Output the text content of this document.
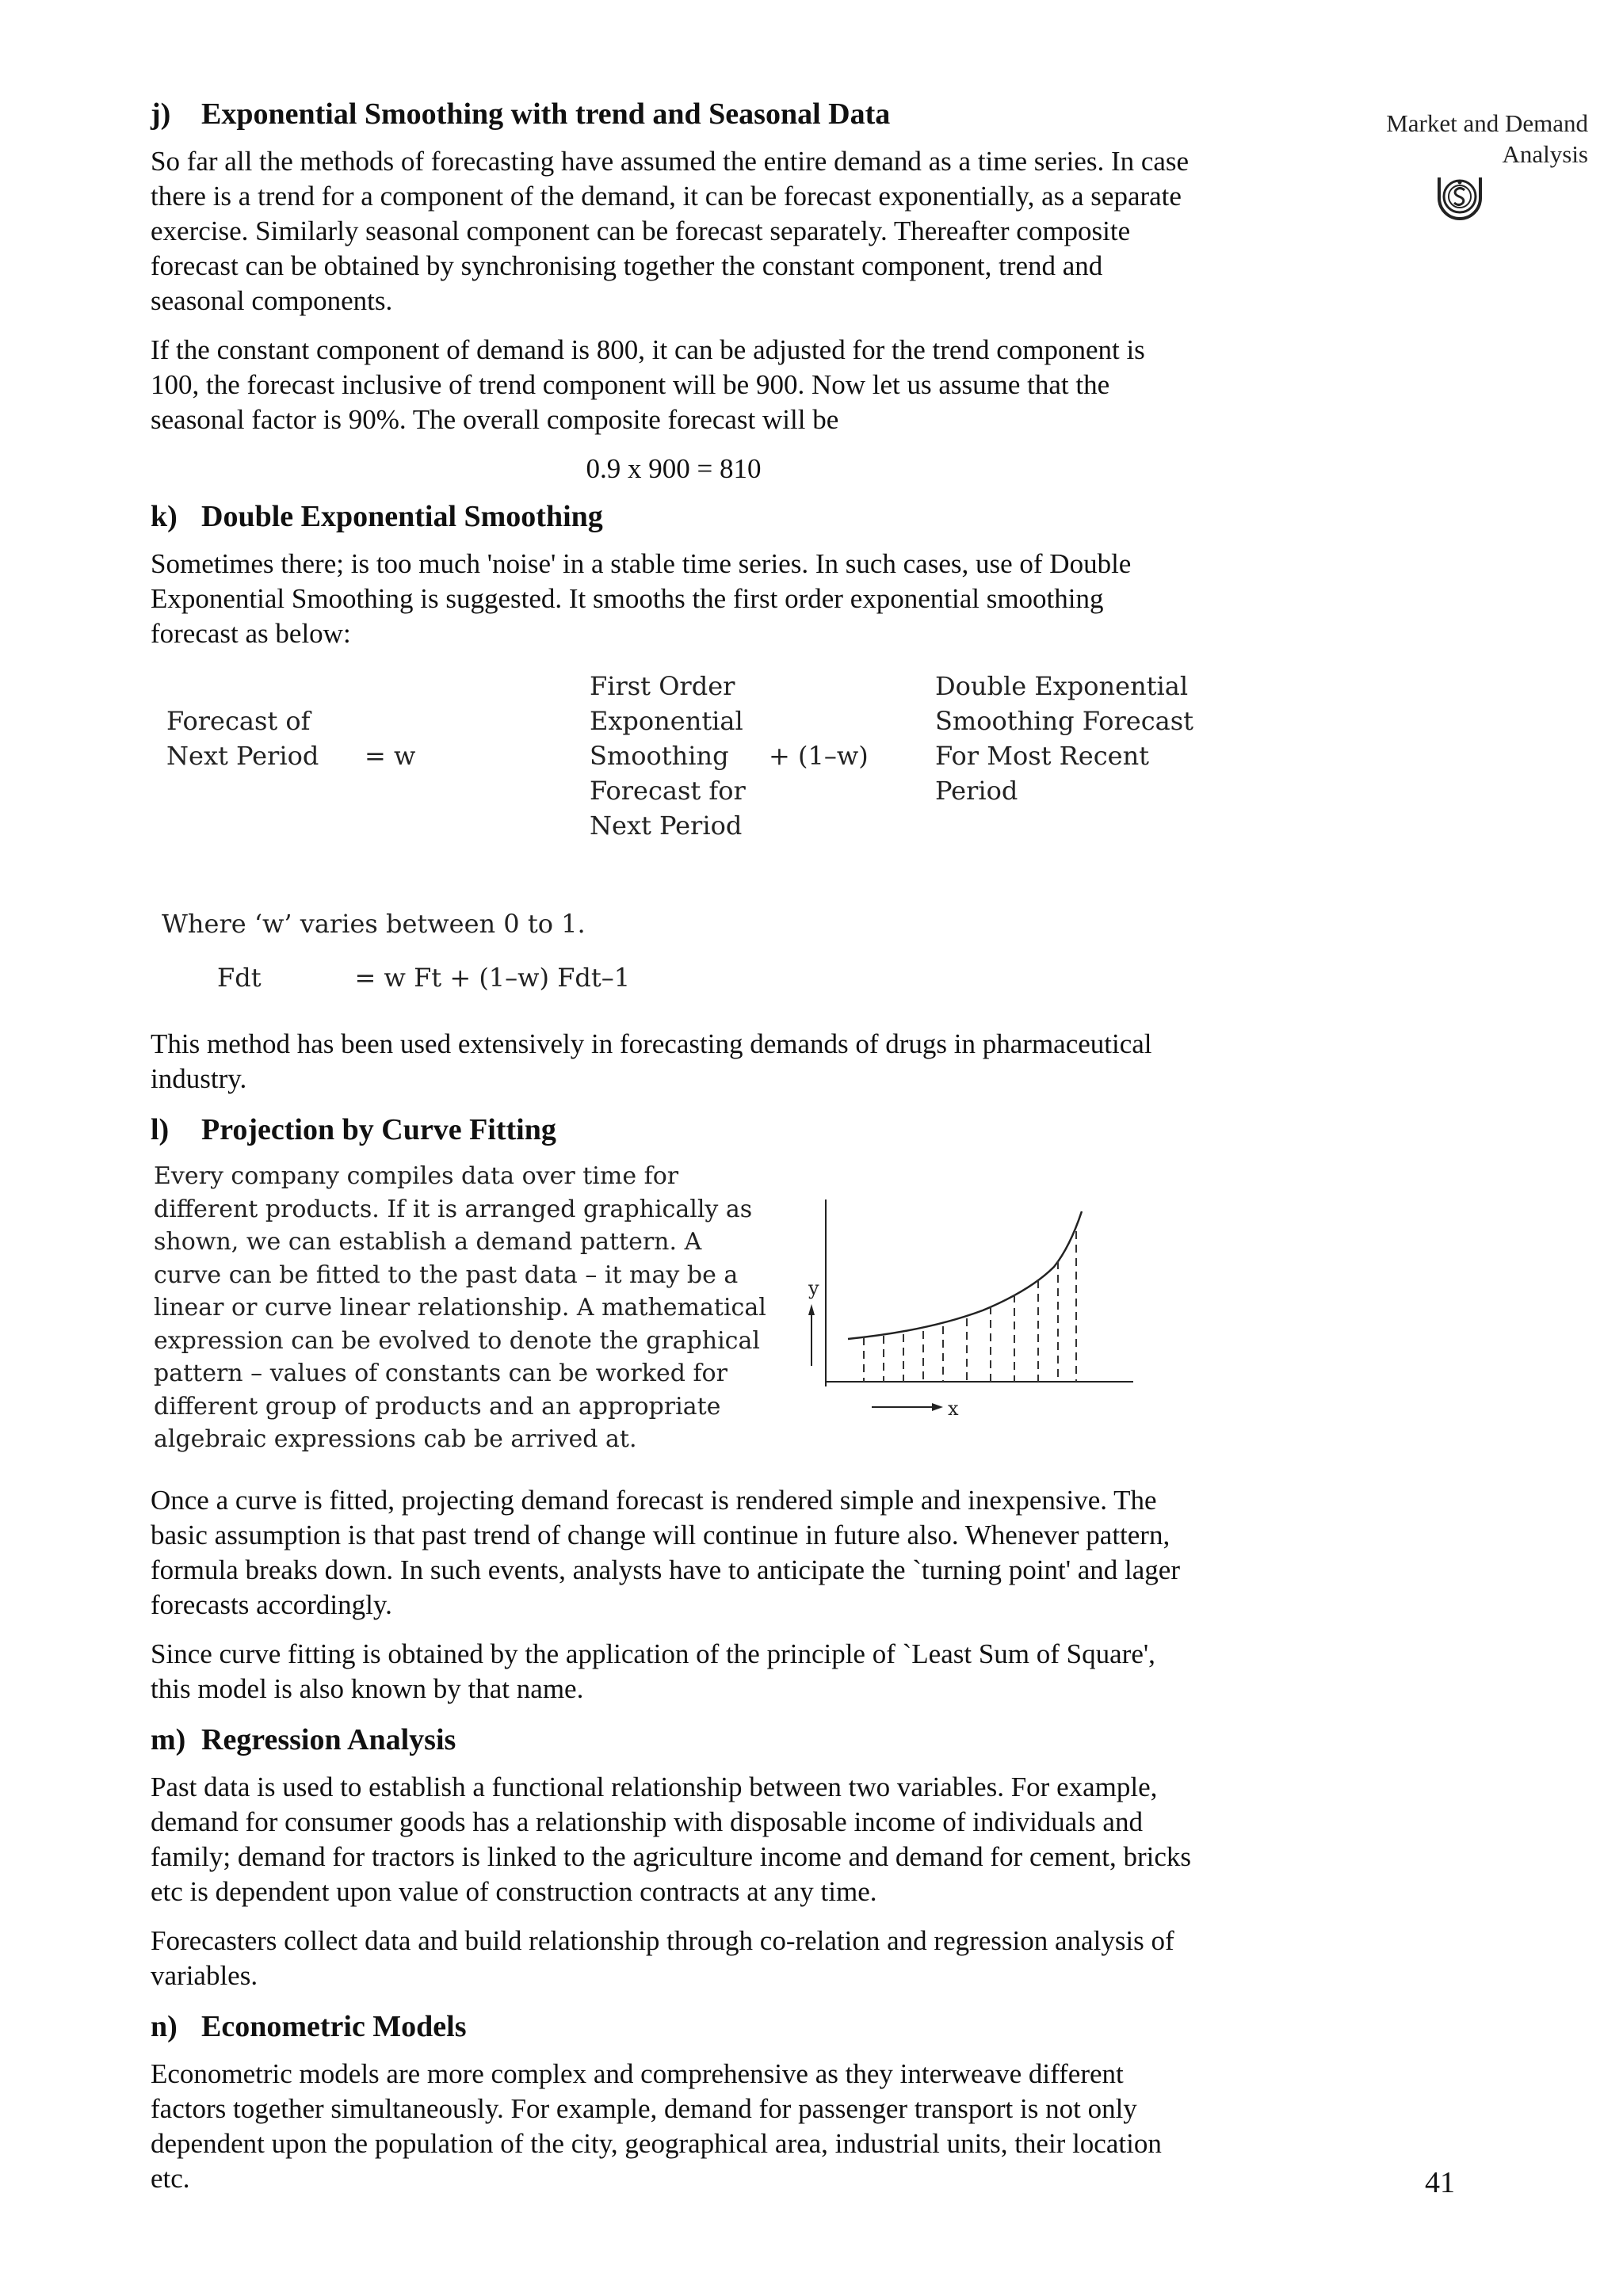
Market and Demand
Analysis
j) Exponential Smoothing with trend and Seasonal Data

So far all the methods of forecasting have assumed the entire demand as a time series. In case there is a trend for a component of the demand, it can be forecast exponentially, as a separate exercise. Similarly seasonal component can be forecast separately. Thereafter composite forecast can be obtained by synchronising together the constant component, trend and seasonal components.

If the constant component of demand is 800, it can be adjusted for the trend component is 100, the forecast inclusive of trend component will be 900. Now let us assume that the seasonal factor is 90%. The overall composite forecast will be

0.9 x 900 = 810
k) Double Exponential Smoothing

Sometimes there; is too much 'noise' in a stable time series. In such cases, use of Double Exponential Smoothing is suggested. It smooths the first order exponential smoothing forecast as below:

Forecast of
Next Period = w
First Order
Exponential
Smoothing
Forecast for
Next Period
+ (1–w)
Double Exponential
Smoothing Forecast
For Most Recent
Period

Where ‘w’ varies between 0 to 1.

Fdt	= w Ft + (1–w) Fdt–1

This method has been used extensively in forecasting demands of drugs in pharmaceutical industry.

l) Projection by Curve Fitting
Every company compiles data over time for
different products. If it is arranged graphically as
shown, we can establish a demand pattern. A
curve can be fitted to the past data – it may be a
linear or curve linear relationship. A mathematical
expression can be evolved to denote the graphical
pattern – values of constants can be worked for
different group of products and an appropriate
algebraic expressions cab be arrived at.
y
x

Once a curve is fitted, projecting demand forecast is rendered simple and inexpensive. The basic assumption is that past trend of change will continue in future also. Whenever pattern, formula breaks down. In such events, analysts have to anticipate the `turning point' and lager forecasts accordingly.

Since curve fitting is obtained by the application of the principle of `Least Sum of Square', this model is also known by that name.

m) Regression Analysis

Past data is used to establish a functional relationship between two variables. For example, demand for consumer goods has a relationship with disposable income of individuals and family; demand for tractors is linked to the agriculture income and demand for cement, bricks etc is dependent upon value of construction contracts at any time.

Forecasters collect data and build relationship through co-relation and regression analysis of variables.

n) Econometric Models

Econometric models are more complex and comprehensive as they interweave different factors together simultaneously. For example, demand for passenger transport is not only dependent upon the population of the city, geographical area, industrial units, their location etc.	41
